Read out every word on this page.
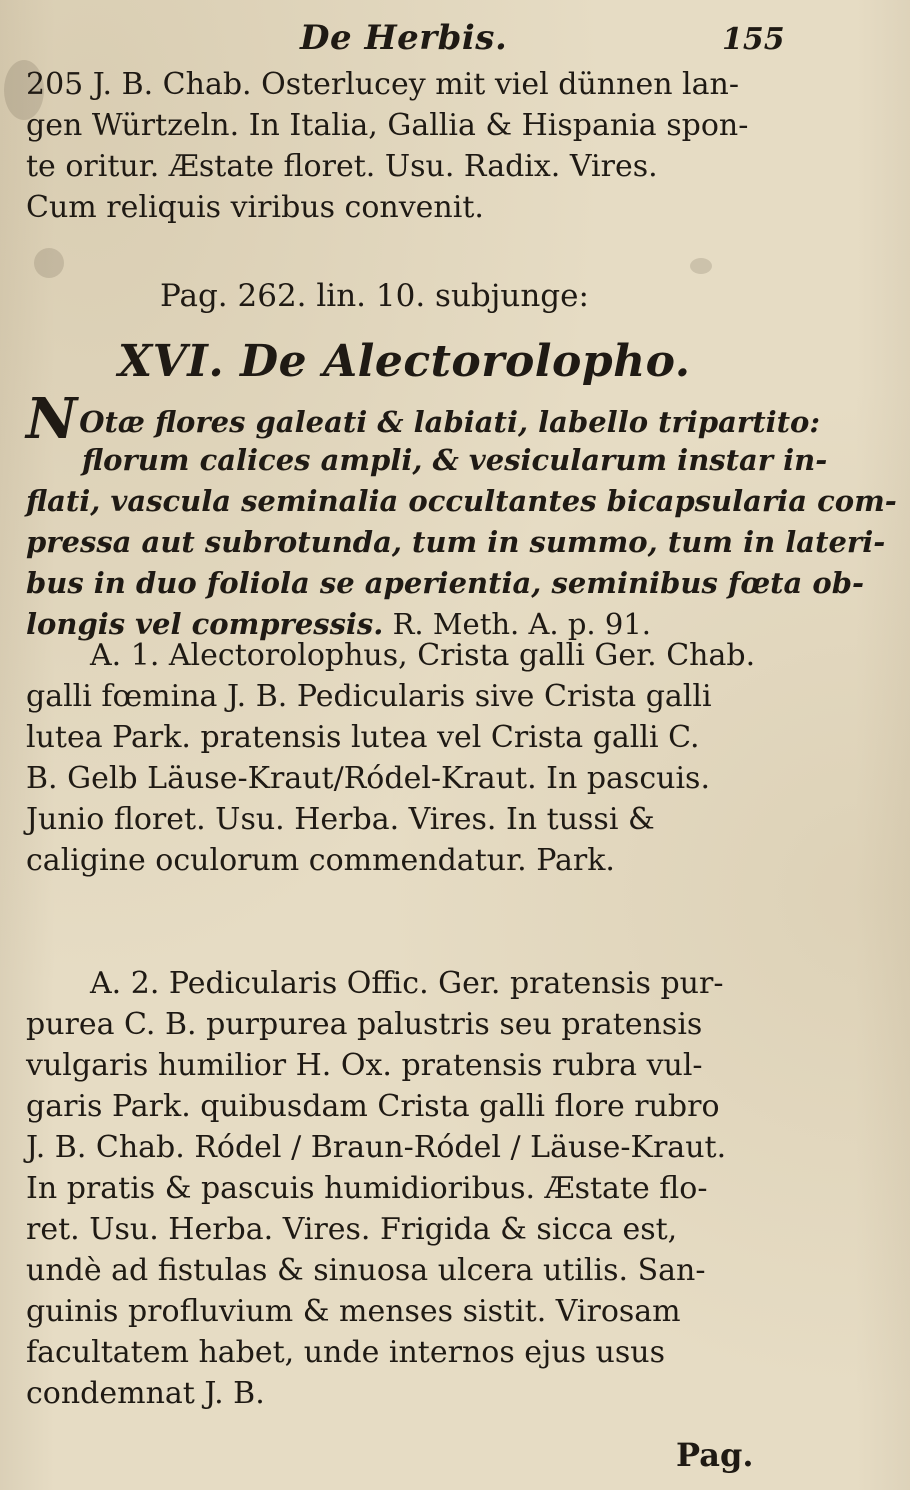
De Herbis.	155
205 J. B. Chab. Osterlucey mit viel dünnen lan-
gen Würtzeln. In Italia, Gallia & Hispania spon-
te oritur. Æstate floret. Usu. Radix. Vires.
Cum reliquis viribus convenit.
Pag. 262. lin. 10. subjunge:
XVI. De Alectorolopho.
NOtæ flores galeati & labiati, labello tripartito:
florum calices ampli, & vesicularum instar in-
flati, vascula seminalia occultantes bicapsularia com-
pressa aut subrotunda, tum in summo, tum in lateri-
bus in duo foliola se aperientia, seminibus fœta ob-
longis vel compressis. R. Meth. A. p. 91.
A. 1. Alectorolophus, Crista galli Ger. Chab.
galli fœmina J. B. Pedicularis sive Crista galli
lutea Park. pratensis lutea vel Crista galli C.
B. Gelb Läuse-Kraut/Ródel-Kraut. In pascuis.
Junio floret. Usu. Herba. Vires. In tussi &
caligine oculorum commendatur. Park.
A. 2. Pedicularis Offic. Ger. pratensis pur-
purea C. B. purpurea palustris seu pratensis
vulgaris humilior H. Ox. pratensis rubra vul-
garis Park. quibusdam Crista galli flore rubro
J. B. Chab. Ródel / Braun-Ródel / Läuse-Kraut.
In pratis & pascuis humidioribus. Æstate flo-
ret. Usu. Herba. Vires. Frigida & sicca est,
undè ad fistulas & sinuosa ulcera utilis. San-
guinis profluvium & menses sistit. Virosam
facultatem habet, unde internos ejus usus
condemnat J. B.
Pag.
